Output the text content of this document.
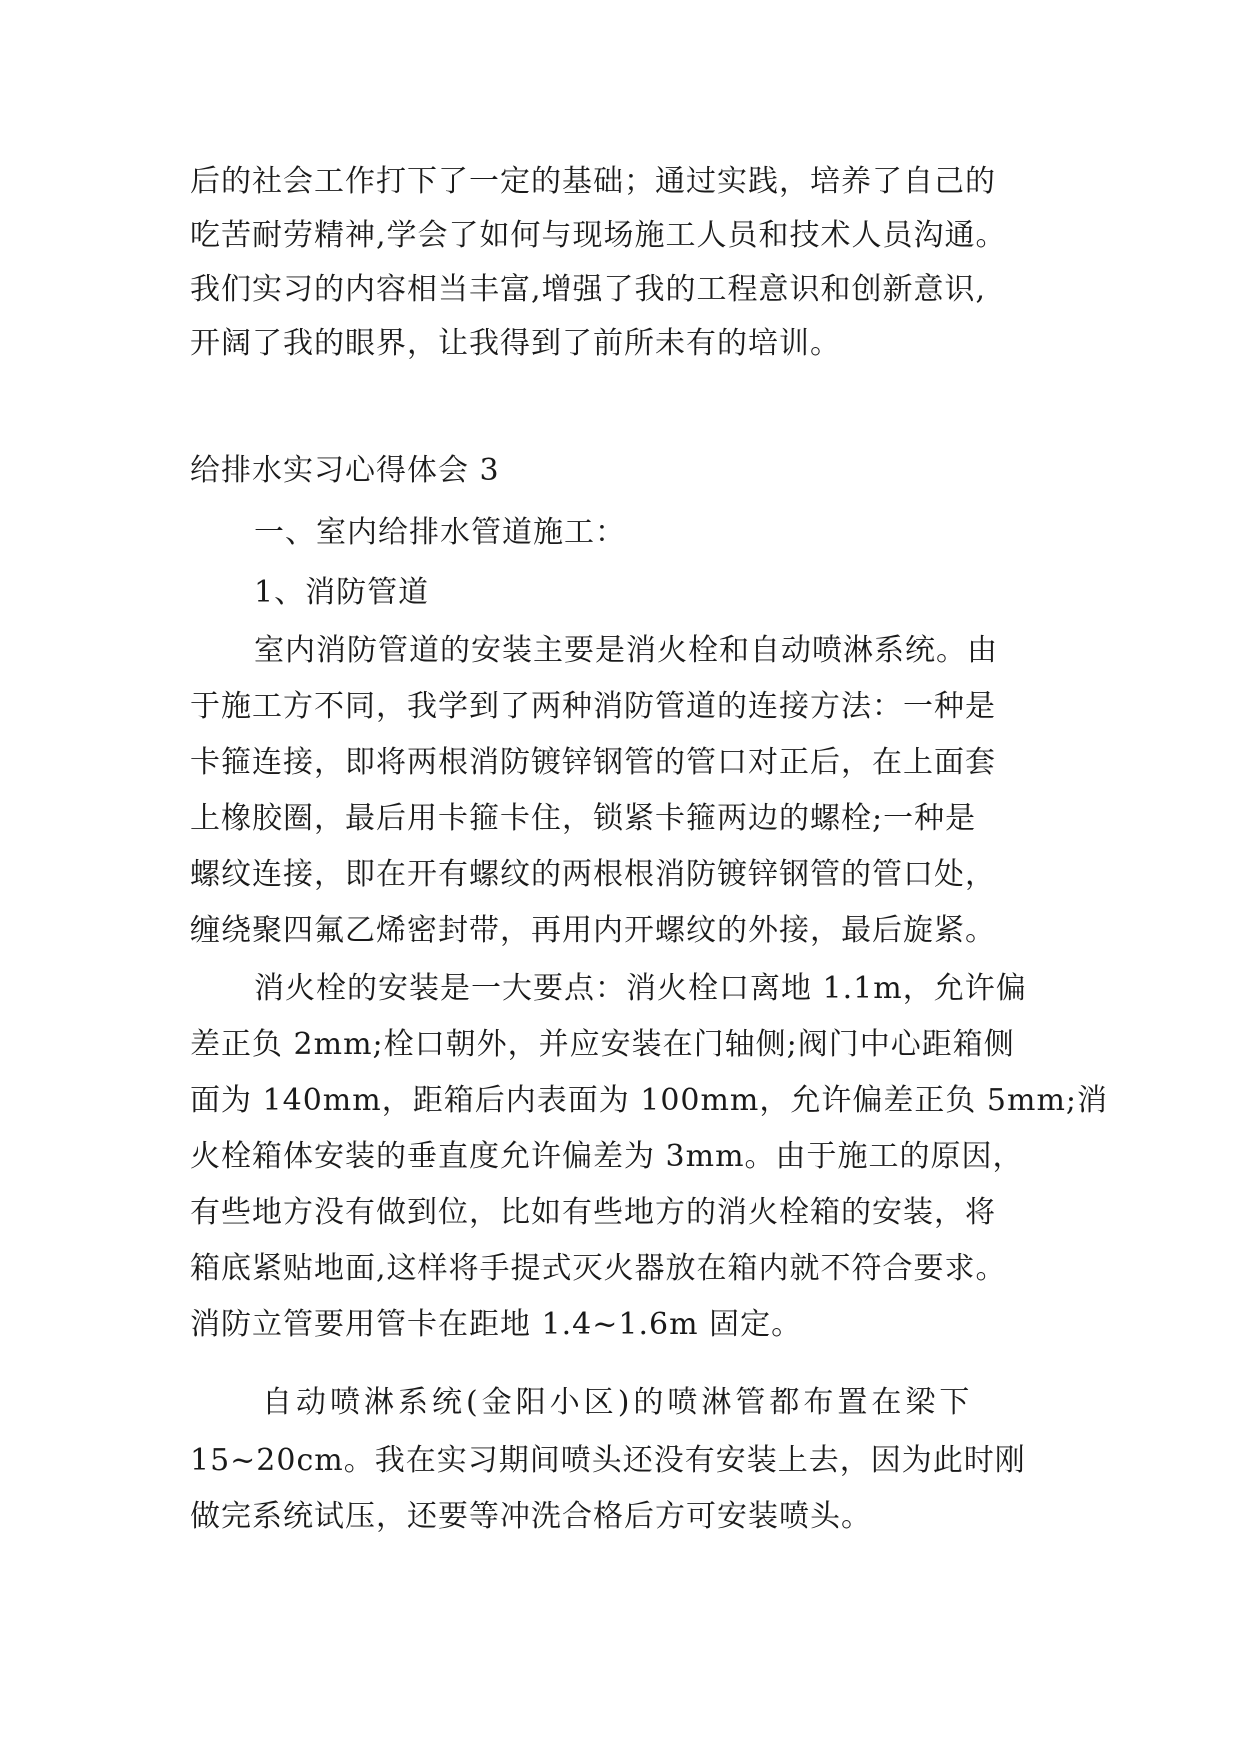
后的社会工作打下了一定的基础；通过实践，培养了自己的
吃苦耐劳精神,学会了如何与现场施工人员和技术人员沟通。
我们实习的内容相当丰富,增强了我的工程意识和创新意识,
开阔了我的眼界，让我得到了前所未有的培训。
给排水实习心得体会 3
一、室内给排水管道施工：
1、消防管道
室内消防管道的安装主要是消火栓和自动喷淋系统。由
于施工方不同，我学到了两种消防管道的连接方法：一种是
卡箍连接，即将两根消防镀锌钢管的管口对正后，在上面套
上橡胶圈，最后用卡箍卡住，锁紧卡箍两边的螺栓;一种是
螺纹连接，即在开有螺纹的两根根消防镀锌钢管的管口处，
缠绕聚四氟乙烯密封带，再用内开螺纹的外接，最后旋紧。
消火栓的安装是一大要点：消火栓口离地 1.1m，允许偏
差正负 2mm;栓口朝外，并应安装在门轴侧;阀门中心距箱侧
面为 140mm，距箱后内表面为 100mm，允许偏差正负 5mm;消
火栓箱体安装的垂直度允许偏差为 3mm。由于施工的原因，
有些地方没有做到位，比如有些地方的消火栓箱的安装，将
箱底紧贴地面,这样将手提式灭火器放在箱内就不符合要求。
消防立管要用管卡在距地 1.4~1.6m 固定。
自动喷淋系统(金阳小区)的喷淋管都布置在梁下
15~20cm。我在实习期间喷头还没有安装上去，因为此时刚
做完系统试压，还要等冲洗合格后方可安装喷头。
